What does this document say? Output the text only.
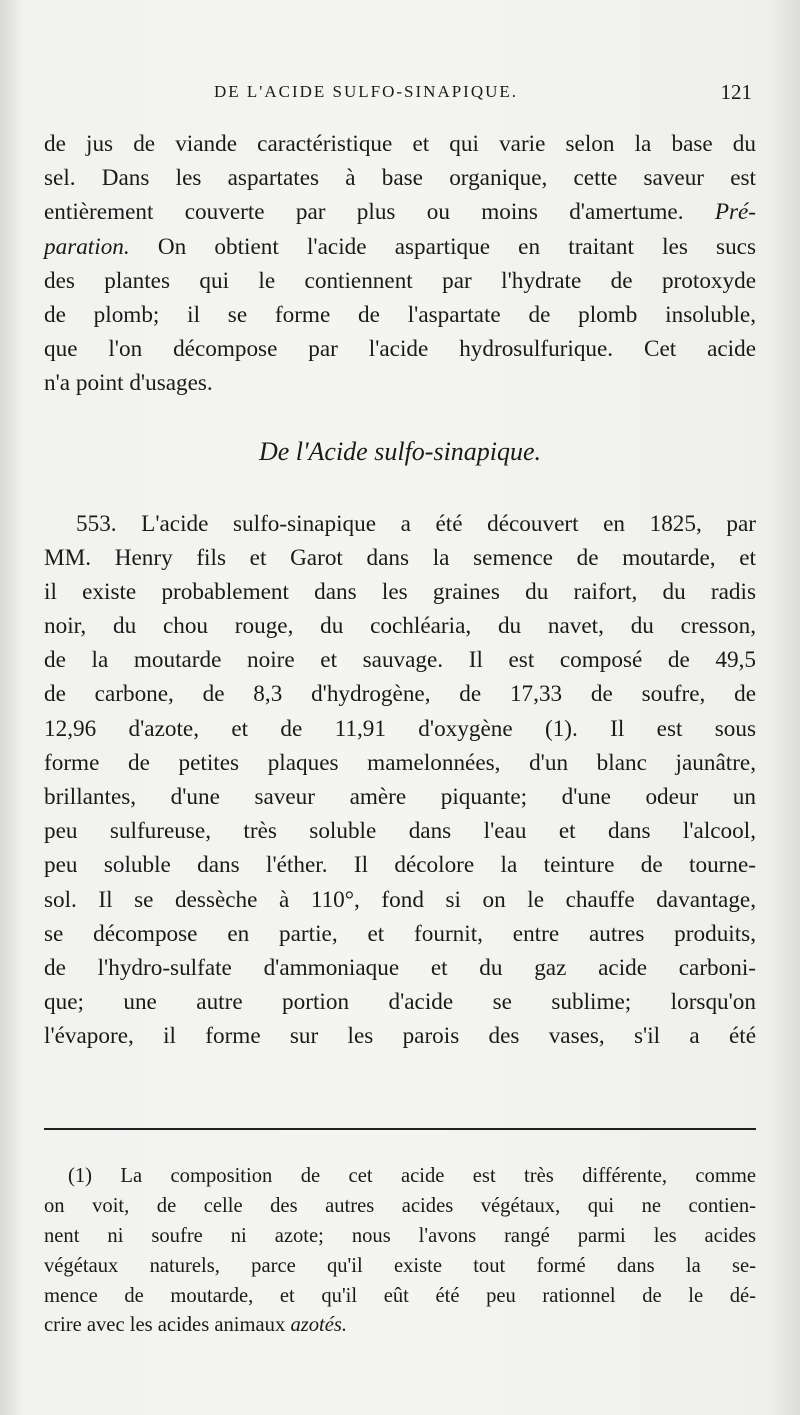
DE L'ACIDE SULFO-SINAPIQUE.	121
de jus de viande caractéristique et qui varie selon la base du
sel. Dans les aspartates à base organique, cette saveur est
entièrement couverte par plus ou moins d'amertume. Pré-
paration. On obtient l'acide aspartique en traitant les sucs
des plantes qui le contiennent par l'hydrate de protoxyde
de plomb; il se forme de l'aspartate de plomb insoluble,
que l'on décompose par l'acide hydrosulfurique. Cet acide
n'a point d'usages.
De l'Acide sulfo-sinapique.
553. L'acide sulfo-sinapique a été découvert en 1825, par
MM. Henry fils et Garot dans la semence de moutarde, et
il existe probablement dans les graines du raifort, du radis
noir, du chou rouge, du cochléaria, du navet, du cresson,
de la moutarde noire et sauvage. Il est composé de 49,5
de carbone, de 8,3 d'hydrogène, de 17,33 de soufre, de
12,96 d'azote, et de 11,91 d'oxygène (1). Il est sous
forme de petites plaques mamelonnées, d'un blanc jaunâtre,
brillantes, d'une saveur amère piquante; d'une odeur un
peu sulfureuse, très soluble dans l'eau et dans l'alcool,
peu soluble dans l'éther. Il décolore la teinture de tourne-
sol. Il se dessèche à 110°, fond si on le chauffe davantage,
se décompose en partie, et fournit, entre autres produits,
de l'hydro-sulfate d'ammoniaque et du gaz acide carboni-
que; une autre portion d'acide se sublime; lorsqu'on
l'évapore, il forme sur les parois des vases, s'il a été
(1) La composition de cet acide est très différente, comme
on voit, de celle des autres acides végétaux, qui ne contien-
nent ni soufre ni azote; nous l'avons rangé parmi les acides
végétaux naturels, parce qu'il existe tout formé dans la se-
mence de moutarde, et qu'il eût été peu rationnel de le dé-
crire avec les acides animaux azotés.
